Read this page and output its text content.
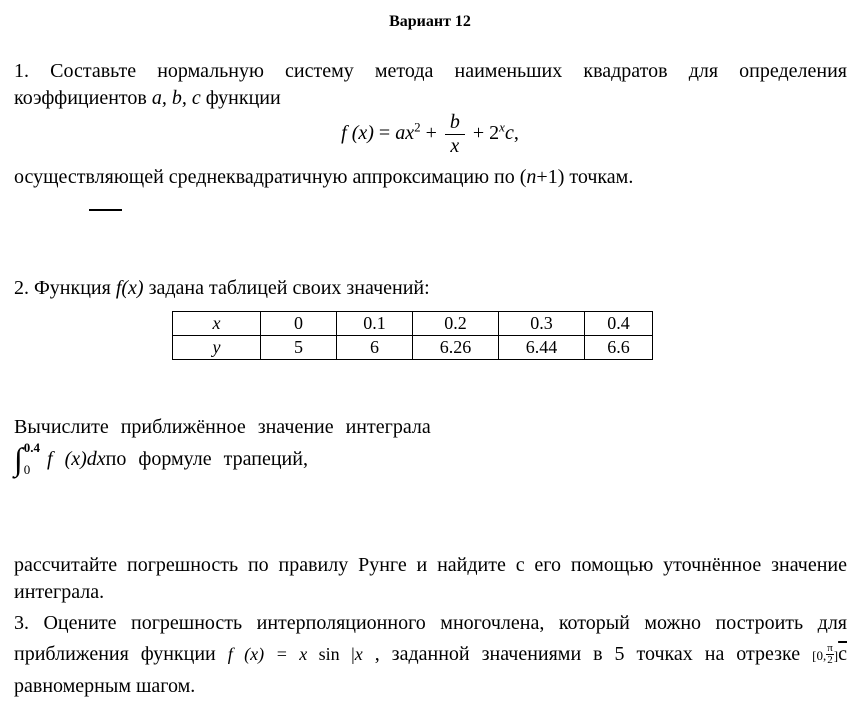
Вариант 12

1. Составьте нормальную систему метода наименьших квадратов для определения коэффициентов a, b, c функции

f $(x) = ax^2 + \frac{b}{x} + 2^xc$,

осуществляющей среднеквадратичную аппроксимацию по (n+1) точкам.

2. Функция f(x) задана таблицей своих значений:

x	0	0.1	0.2	0.3	0.4
y	5	6	6.26	6.44	6.6

Вычислите приближённое значение интеграла

∫ 0.4
0 f (x)dx по формуле трапеций,

рассчитайте погрешность по правилу Рунге и найдите с его помощью уточнённое значение интеграла.

3. Оцените погрешность интерполяционного многочлена, который можно построить для приближения функции f (x) = x sin |x , заданной значениями в 5 точках на отрезке [0, $\frac{\pi}{2} ]с$ равномерным шагом.
